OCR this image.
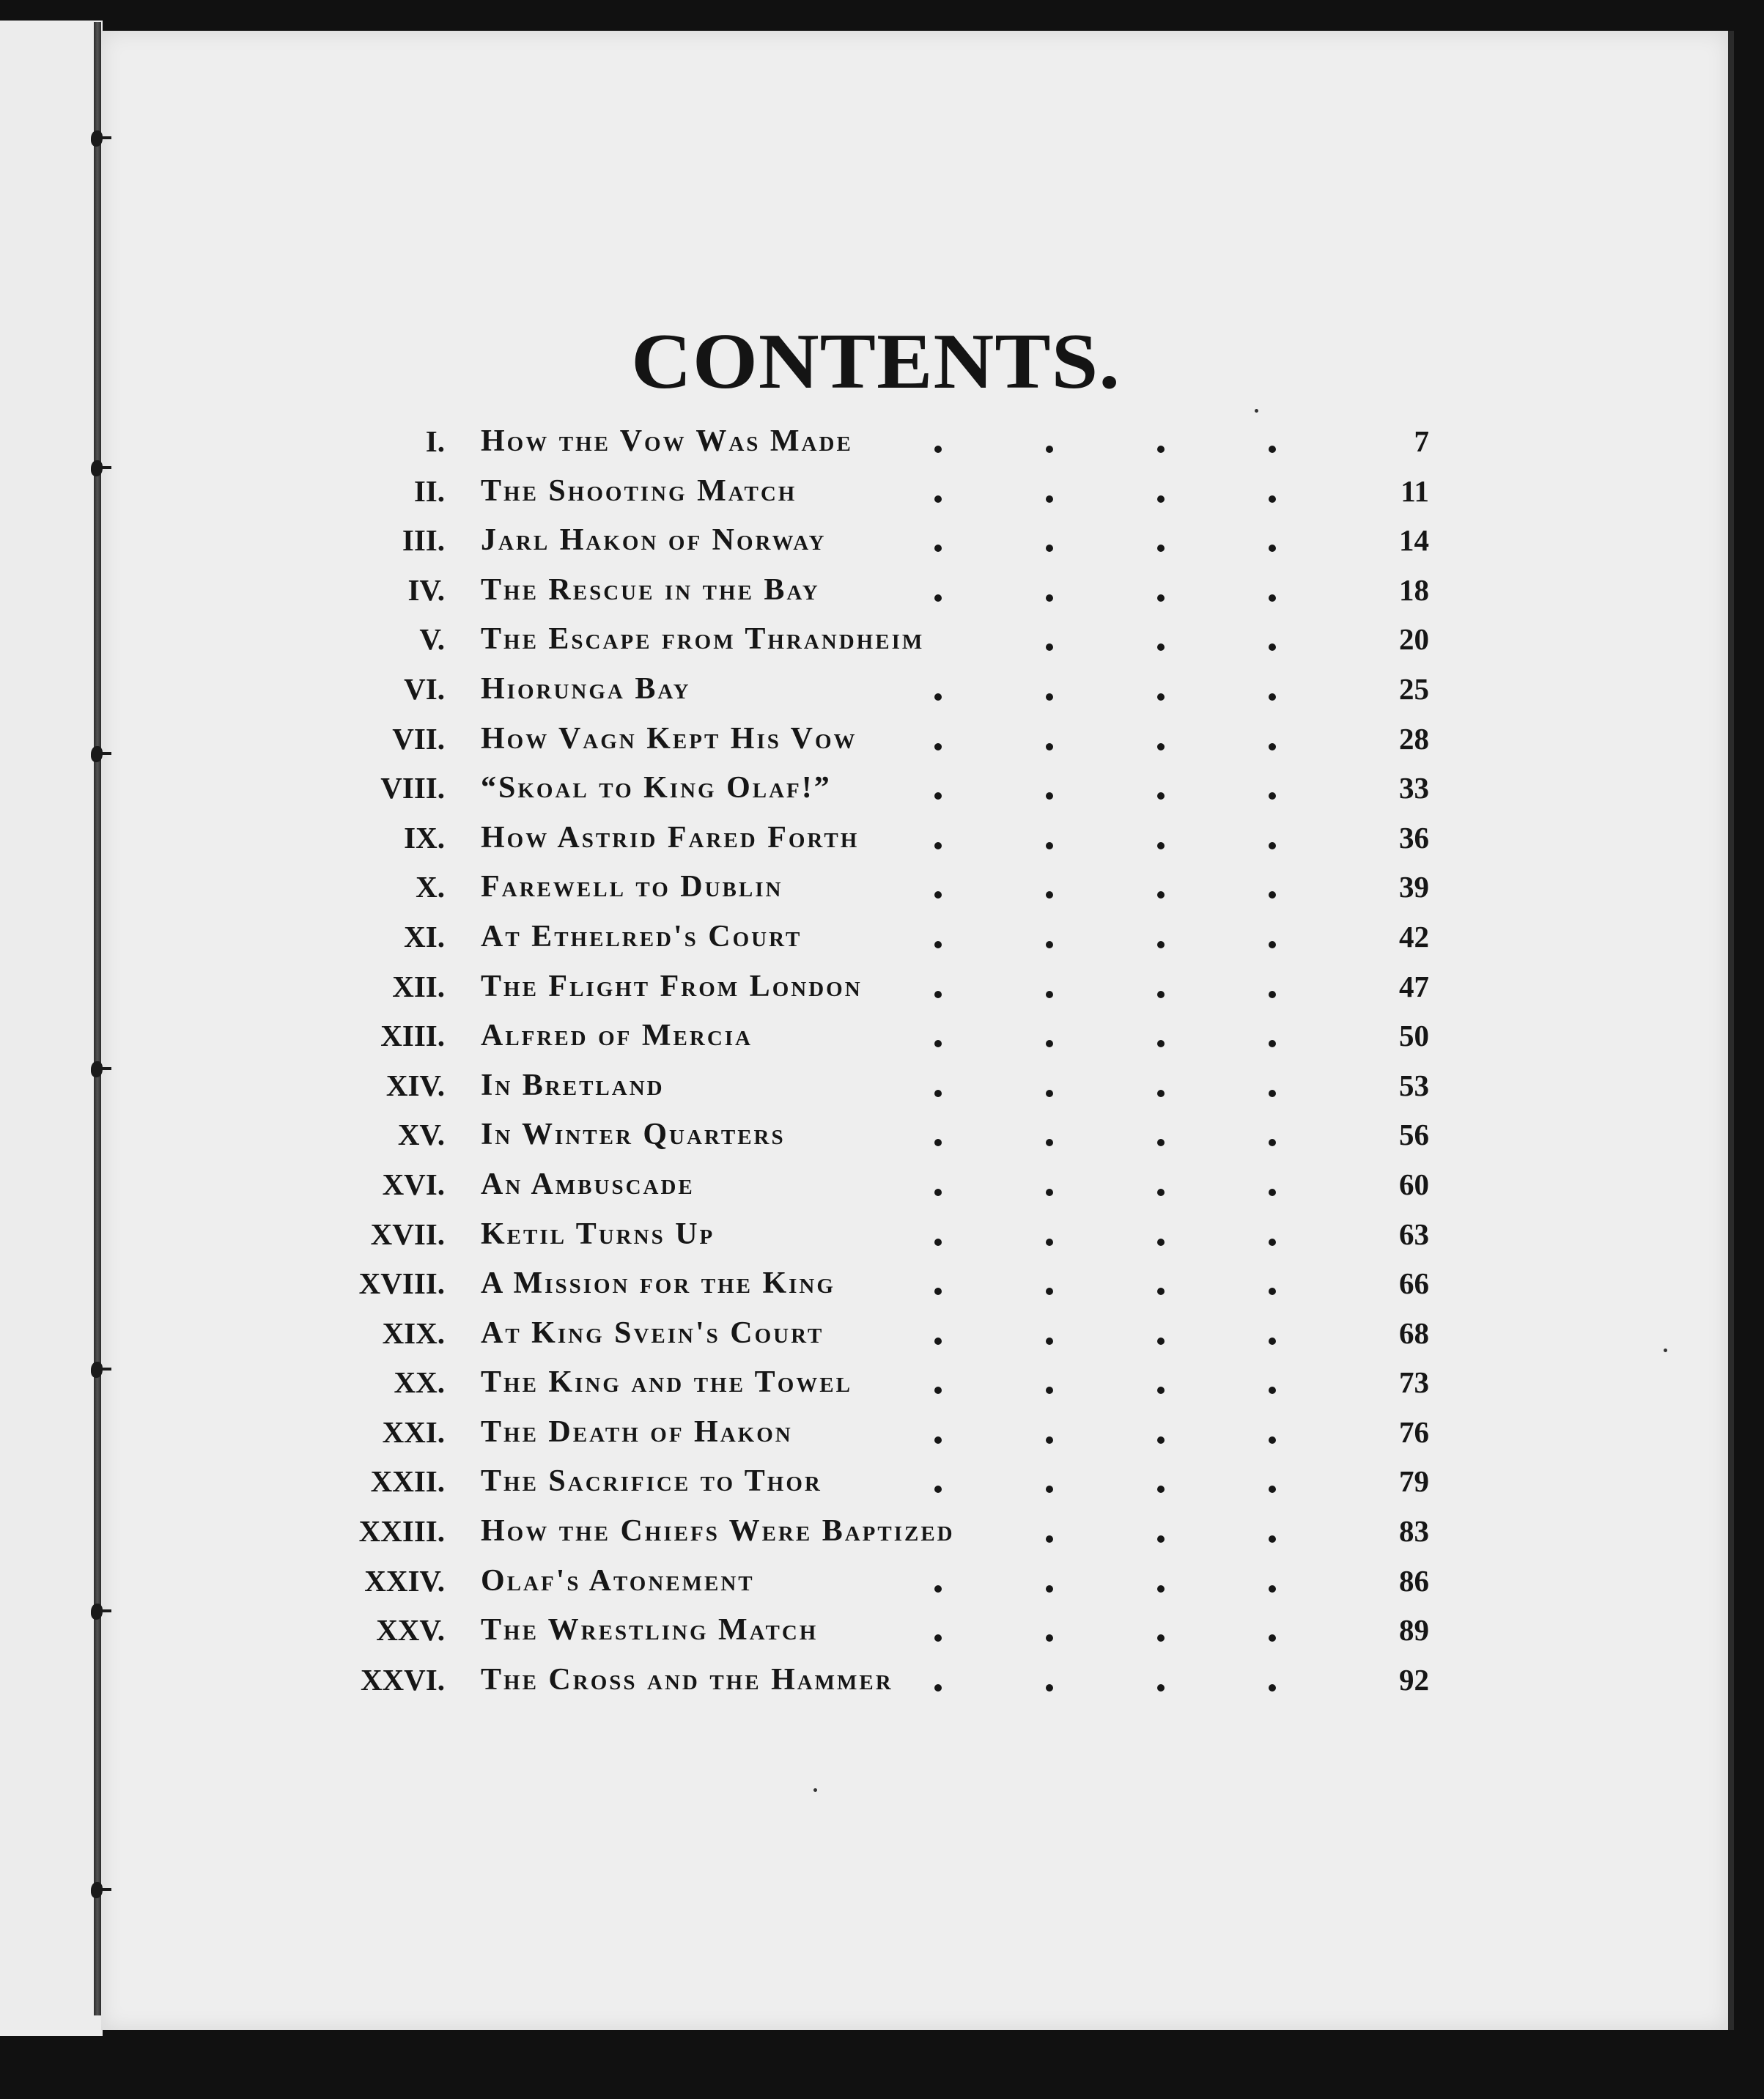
CONTENTS.
I. How the Vow Was Made	7
II. The Shooting Match	11
III. Jarl Hakon of Norway	14
IV. The Rescue in the Bay	18
V. The Escape from Thrandheim	20
VI. Hiorunga Bay	25
VII. How Vagn Kept His Vow	28
VIII. “Skoal to King Olaf!”	33
IX. How Astrid Fared Forth	36
X. Farewell to Dublin	39
XI. At Ethelred's Court	42
XII. The Flight From London	47
XIII. Alfred of Mercia	50
XIV. In Bretland	53
XV. In Winter Quarters	56
XVI. An Ambuscade	60
XVII. Ketil Turns Up	63
XVIII. A Mission for the King	66
XIX. At King Svein's Court	68
XX. The King and the Towel	73
XXI. The Death of Hakon	76
XXII. The Sacrifice to Thor	79
XXIII. How the Chiefs Were Baptized	83
XXIV. Olaf's Atonement	86
XXV. The Wrestling Match	89
XXVI. The Cross and the Hammer	92
